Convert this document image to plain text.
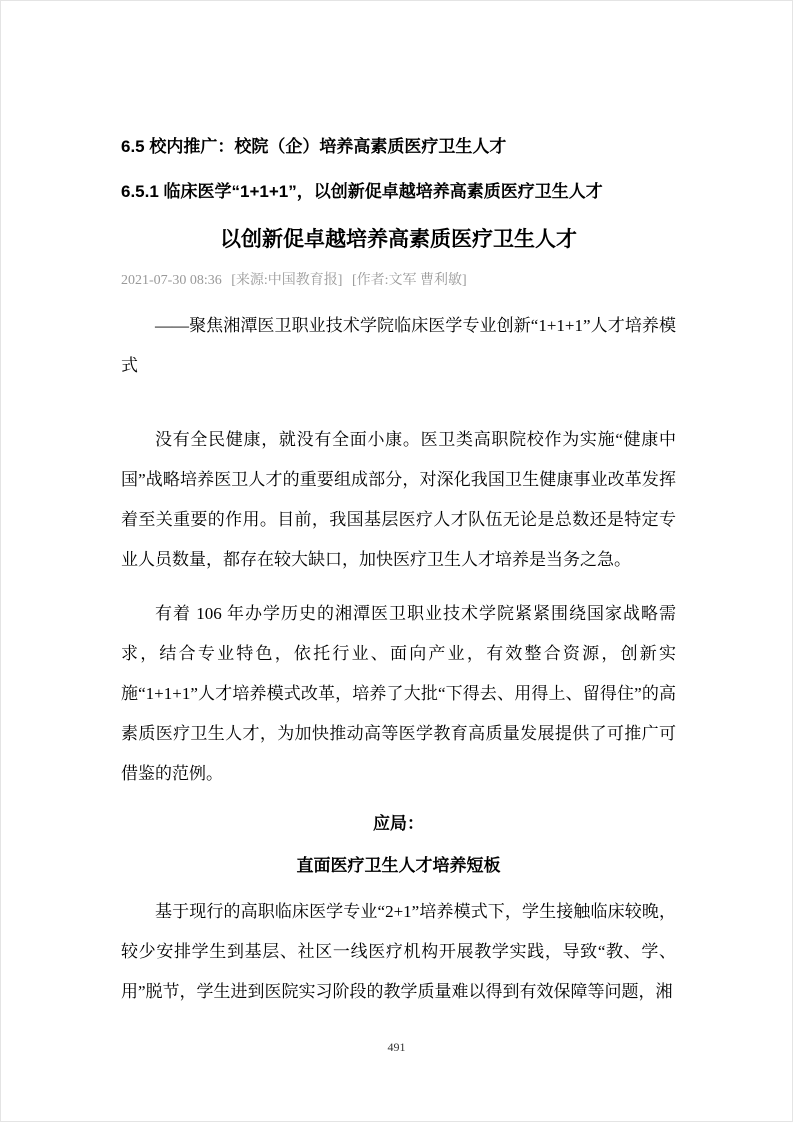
6.5 校内推广：校院（企）培养高素质医疗卫生人才
6.5.1 临床医学“1+1+1”，以创新促卓越培养高素质医疗卫生人才
以创新促卓越培养高素质医疗卫生人才
2021-07-30 08:36 [来源:中国教育报] [作者:文军 曹利敏]

——聚焦湘潭医卫职业技术学院临床医学专业创新“1+1+1”人才培养模式

没有全民健康，就没有全面小康。医卫类高职院校作为实施“健康中国”战略培养医卫人才的重要组成部分，对深化我国卫生健康事业改革发挥着至关重要的作用。目前，我国基层医疗人才队伍无论是总数还是特定专业人员数量，都存在较大缺口，加快医疗卫生人才培养是当务之急。

有着 106 年办学历史的湘潭医卫职业技术学院紧紧围绕国家战略需求，结合专业特色，依托行业、面向产业，有效整合资源，创新实施“1+1+1”人才培养模式改革，培养了大批“下得去、用得上、留得住”的高素质医疗卫生人才，为加快推动高等医学教育高质量发展提供了可推广可借鉴的范例。

应局：

直面医疗卫生人才培养短板

基于现行的高职临床医学专业“2+1”培养模式下，学生接触临床较晚，较少安排学生到基层、社区一线医疗机构开展教学实践，导致“教、学、用”脱节，学生进到医院实习阶段的教学质量难以得到有效保障等问题，湘

491
